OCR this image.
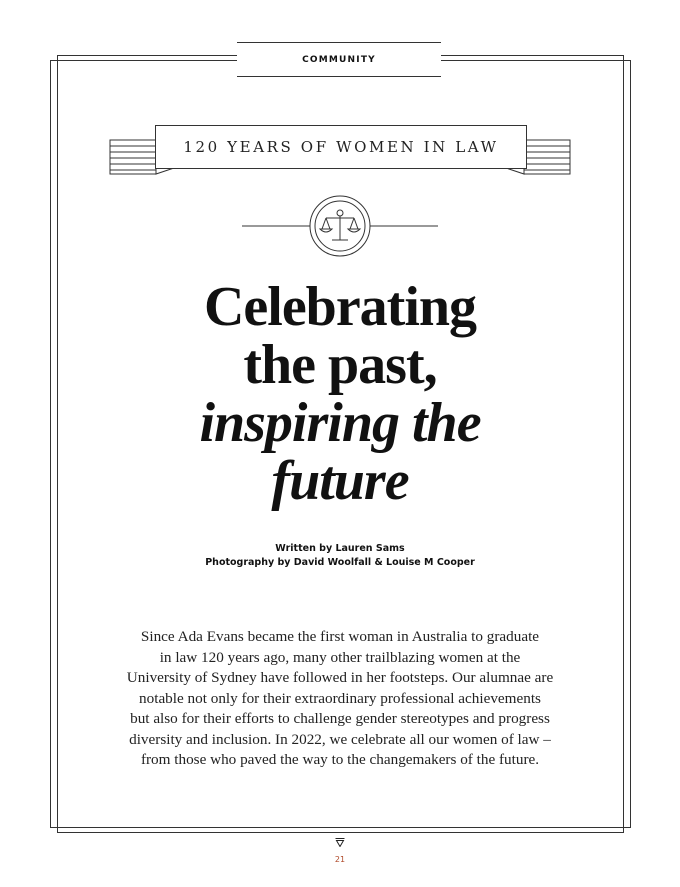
COMMUNITY
120 YEARS OF WOMEN IN LAW
Celebrating
the past,
inspiring the
future
Written by Lauren Sams
Photography by David Woolfall & Louise M Cooper

Since Ada Evans became the first woman in Australia to graduate
in law 120 years ago, many other trailblazing women at the
University of Sydney have followed in her footsteps. Our alumnae are
notable not only for their extraordinary professional achievements
but also for their efforts to challenge gender stereotypes and progress
diversity and inclusion. In 2022, we celebrate all our women of law –
from those who paved the way to the changemakers of the future.

21
